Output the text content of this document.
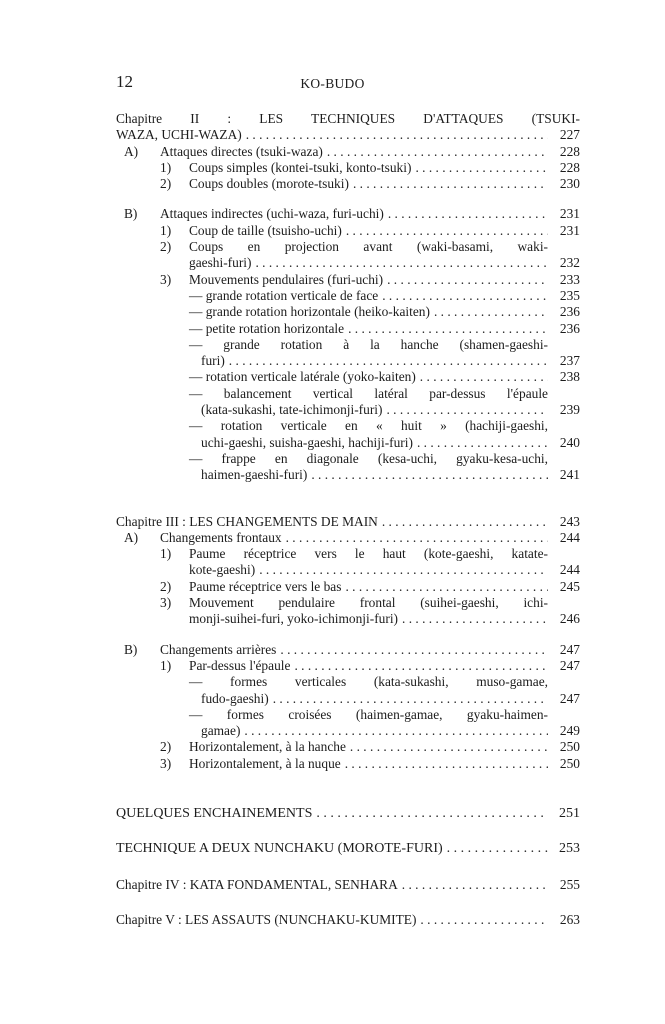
12	KO-BUDO
Chapitre II : LES TECHNIQUES D'ATTAQUES (TSUKI-
WAZA, UCHI-WAZA) . . .	227
A)	Attaques directes (tsuki-waza) . . .	228
1)	Coups simples (kontei-tsuki, konto-tsuki) . . .	228
2)	Coups doubles (morote-tsuki) . . .	230
B)	Attaques indirectes (uchi-waza, furi-uchi) . . .	231
1)	Coup de taille (tsuisho-uchi) . . .	231
2)	Coups en projection avant (waki-basami, waki-
gaeshi-furi) . . .	232
3)	Mouvements pendulaires (furi-uchi) . . .	233
— grande rotation verticale de face . . .	235
— grande rotation horizontale (heiko-kaiten) . . .	236
— petite rotation horizontale . . .	236
— grande rotation à la hanche (shamen-gaeshi-
furi) . . .	237
— rotation verticale latérale (yoko-kaiten) . . .	238
— balancement vertical latéral par-dessus l'épaule
(kata-sukashi, tate-ichimonji-furi) . . .	239
— rotation verticale en « huit » (hachiji-gaeshi,
uchi-gaeshi, suisha-gaeshi, hachiji-furi) . . .	240
— frappe en diagonale (kesa-uchi, gyaku-kesa-uchi,
haimen-gaeshi-furi) . . .	241
Chapitre III : LES CHANGEMENTS DE MAIN . . .	243
A)	Changements frontaux . . .	244
1)	Paume réceptrice vers le haut (kote-gaeshi, katate-
kote-gaeshi) . . .	244
2)	Paume réceptrice vers le bas . . .	245
3)	Mouvement pendulaire frontal (suihei-gaeshi, ichi-
monji-suihei-furi, yoko-ichimonji-furi) . . .	246
B)	Changements arrières . . .	247
1)	Par-dessus l'épaule . . .	247
— formes verticales (kata-sukashi, muso-gamae,
fudo-gaeshi) . . .	247
— formes croisées (haimen-gamae, gyaku-haimen-
gamae) . . .	249
2)	Horizontalement, à la hanche . . .	250
3)	Horizontalement, à la nuque . . .	250
QUELQUES ENCHAINEMENTS . . .	251
TECHNIQUE A DEUX NUNCHAKU (MOROTE-FURI) . . .	253
Chapitre IV : KATA FONDAMENTAL, SENHARA . . .	255
Chapitre V : LES ASSAUTS (NUNCHAKU-KUMITE) . . .	263
